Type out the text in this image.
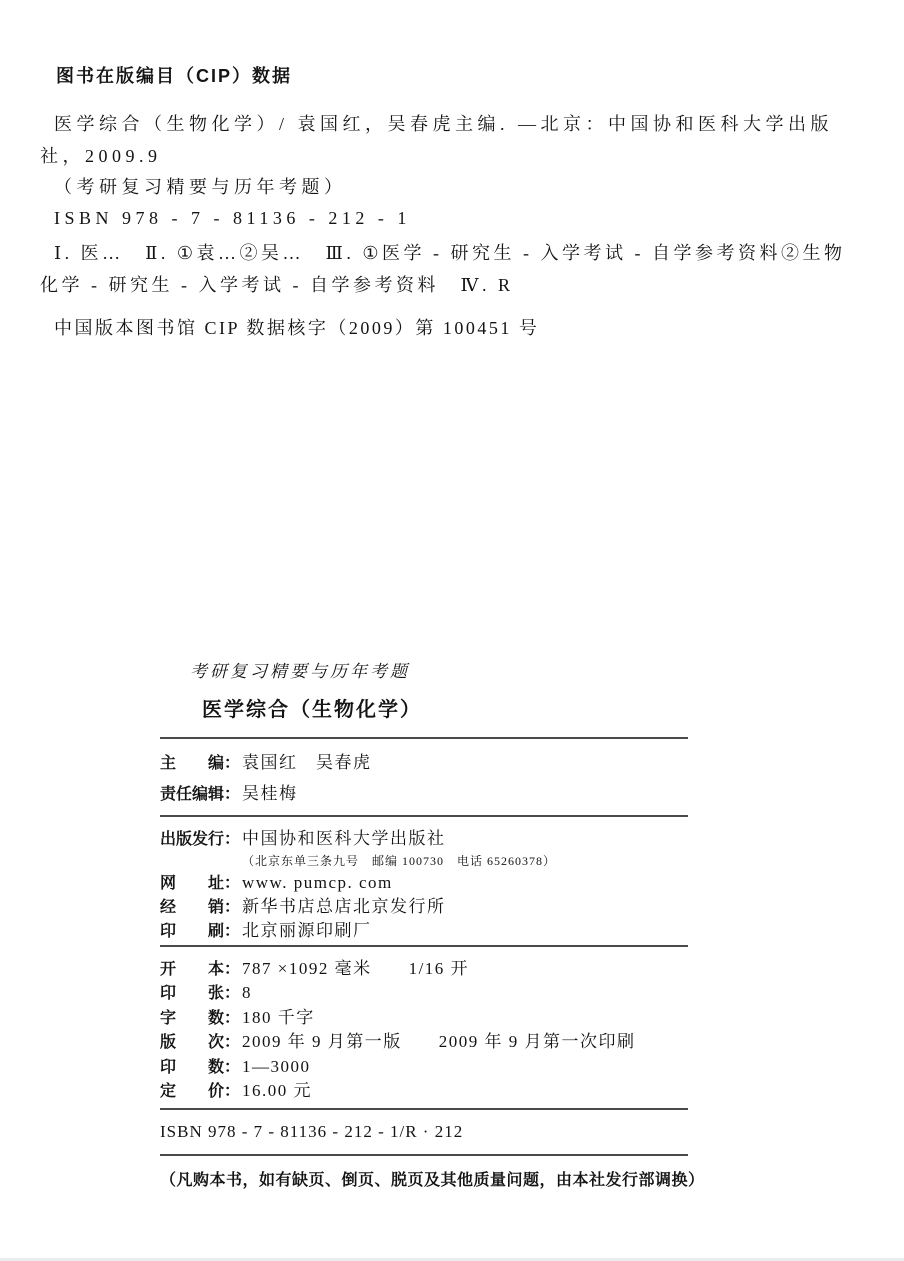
图书在版编目（CIP）数据

医学综合（生物化学）/ 袁国红，吴春虎主编. —北京：中国协和医科大学出版社，2009.9

（考研复习精要与历年考题）

ISBN 978 - 7 - 81136 - 212 - 1

Ⅰ. 医…　Ⅱ. ①袁…②吴…　Ⅲ. ①医学 - 研究生 - 入学考试 - 自学参考资料②生物化学 - 研究生 - 入学考试 - 自学参考资料　Ⅳ. R

中国版本图书馆 CIP 数据核字（2009）第 100451 号

考研复习精要与历年考题
医学综合（生物化学）
主　　编： 袁国红　吴春虎
责任编辑： 吴桂梅
出版发行： 中国协和医科大学出版社
（北京东单三条九号　邮编 100730　电话 65260378）
网　　址： www. pumcp. com
经　　销： 新华书店总店北京发行所
印　　刷： 北京丽源印刷厂
开　　本： 787 ×1092 毫米　　1/16 开
印　　张： 8
字　　数： 180 千字
版　　次： 2009 年 9 月第一版　　2009 年 9 月第一次印刷
印　　数： 1—3000
定　　价： 16.00 元
ISBN 978 - 7 - 81136 - 212 - 1/R · 212
（凡购本书，如有缺页、倒页、脱页及其他质量问题，由本社发行部调换）
